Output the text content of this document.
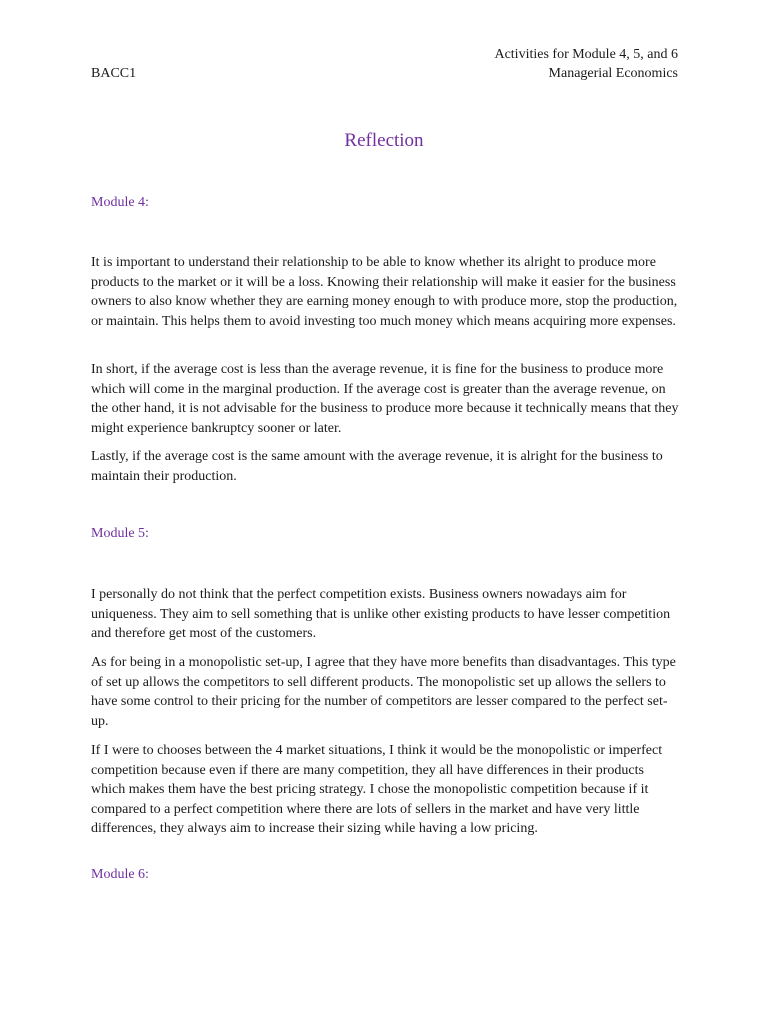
Activities for Module 4, 5, and 6
Managerial Economics
BACC1
Reflection
Module 4:
It is important to understand their relationship to be able to know whether its alright to produce more products to the market or it will be a loss. Knowing their relationship will make it easier for the business owners to also know whether they are earning money enough to with produce more, stop the production, or maintain. This helps them to avoid investing too much money which means acquiring more expenses.
In short, if the average cost is less than the average revenue, it is fine for the business to produce more which will come in the marginal production. If the average cost is greater than the average revenue, on the other hand, it is not advisable for the business to produce more because it technically means that they might experience bankruptcy sooner or later.
Lastly, if the average cost is the same amount with the average revenue, it is alright for the business to maintain their production.
Module 5:
I personally do not think that the perfect competition exists. Business owners nowadays aim for uniqueness. They aim to sell something that is unlike other existing products to have lesser competition and therefore get most of the customers.
As for being in a monopolistic set-up, I agree that they have more benefits than disadvantages. This type of set up allows the competitors to sell different products. The monopolistic set up allows the sellers to have some control to their pricing for the number of competitors are lesser compared to the perfect set-up.
If I were to chooses between the 4 market situations, I think it would be the monopolistic or imperfect competition because even if there are many competition, they all have differences in their products which makes them have the best pricing strategy. I chose the monopolistic competition because if it compared to a perfect competition where there are lots of sellers in the market and have very little differences, they always aim to increase their sizing while having a low pricing.
Module 6:
